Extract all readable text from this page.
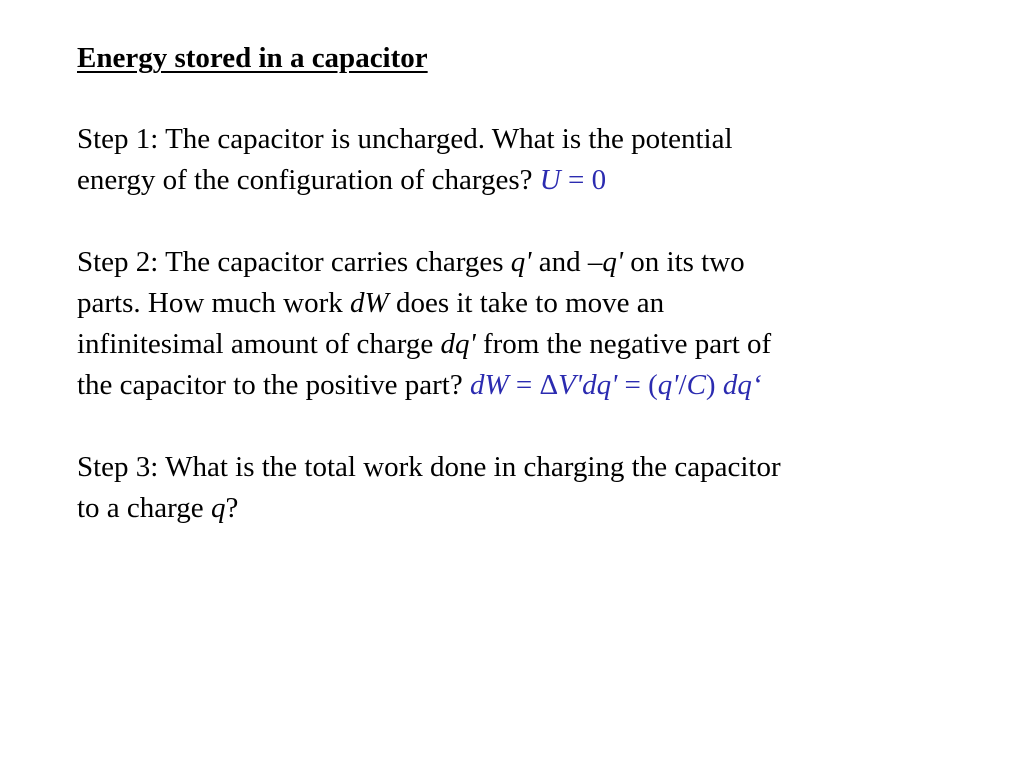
Energy stored in a capacitor
Step 1: The capacitor is uncharged. What is the potential
energy of the configuration of charges? U = 0
Step 2: The capacitor carries charges q' and –q' on its two
parts. How much work dW does it take to move an
infinitesimal amount of charge dq' from the negative part of
the capacitor to the positive part? dW = ΔV'dq' = (q'/C) dq‘
Step 3: What is the total work done in charging the capacitor
to a charge q?
